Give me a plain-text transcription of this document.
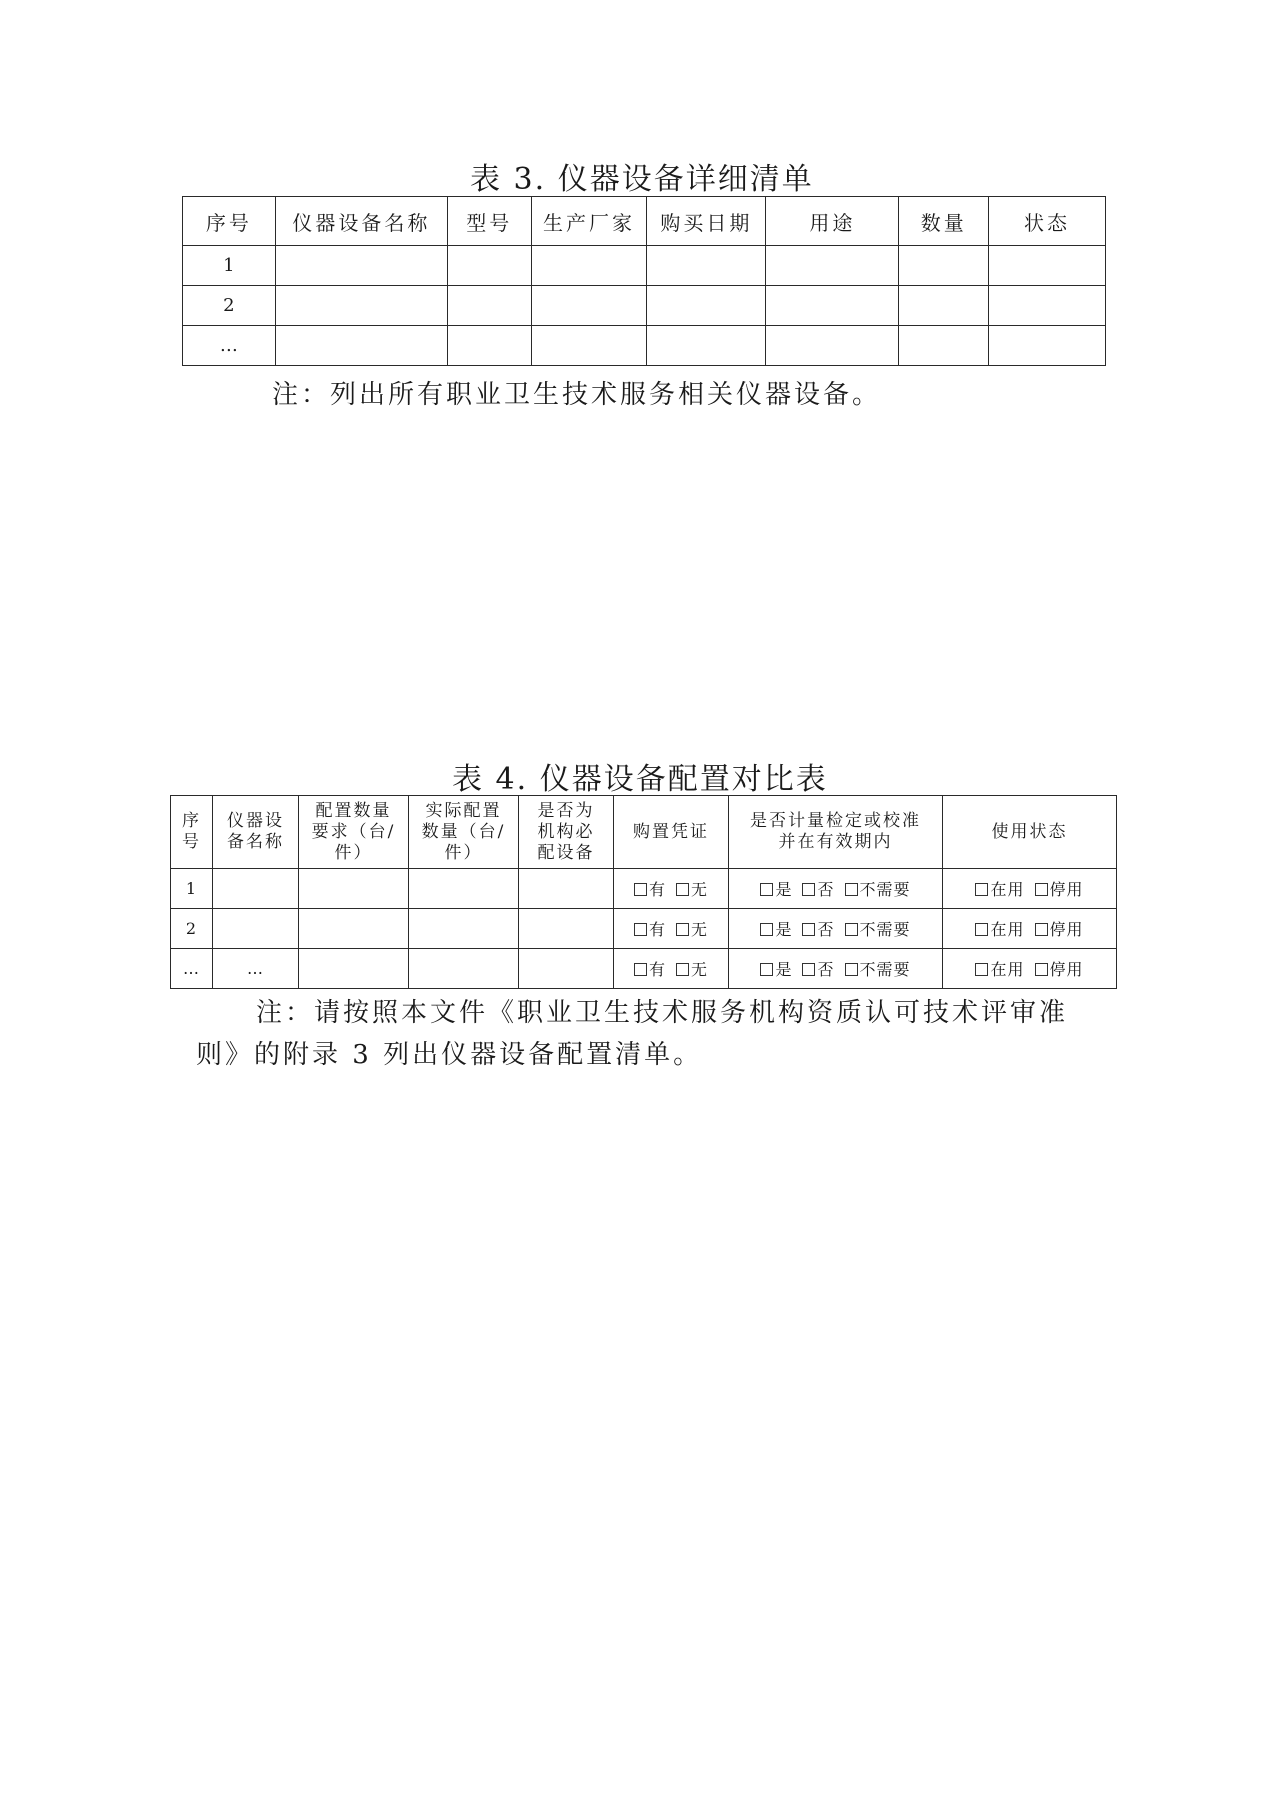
表 3. 仪器设备详细清单
序号	仪器设备名称	型号	生产厂家	购买日期	用途	数量	状态
1							
2							
…							
注：列出所有职业卫生技术服务相关仪器设备。
表 4. 仪器设备配置对比表
序号	仪器设备名称	配置数量要求（台/件）	实际配置数量（台/件）	是否为机构必配设备	购置凭证	是否计量检定或校准并在有效期内	使用状态
1					有 无	是 否 不需要	在用 停用
2					有 无	是 否 不需要	在用 停用
…	…				有 无	是 否 不需要	在用 停用
注：请按照本文件《职业卫生技术服务机构资质认可技术评审准
则》的附录 3 列出仪器设备配置清单。
